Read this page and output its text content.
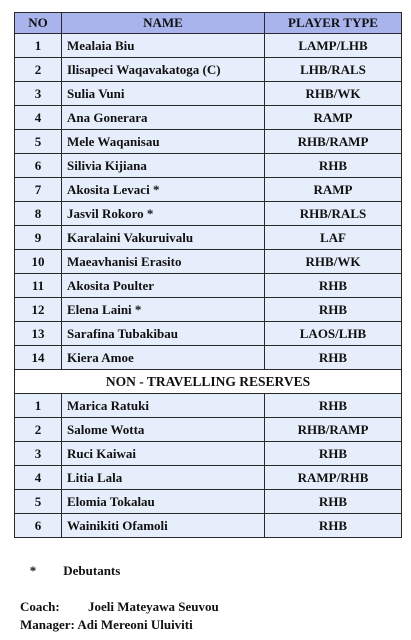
NO	NAME	PLAYER TYPE
1	Mealaia Biu	LAMP/LHB
2	Ilisapeci Waqavakatoga (C)	LHB/RALS
3	Sulia Vuni	RHB/WK
4	Ana Gonerara	RAMP
5	Mele Waqanisau	RHB/RAMP
6	Silivia Kijiana	RHB
7	Akosita Levaci *	RAMP
8	Jasvil Rokoro *	RHB/RALS
9	Karalaini Vakuruivalu	LAF
10	Maeavhanisi Erasito	RHB/WK
11	Akosita Poulter	RHB
12	Elena Laini *	RHB
13	Sarafina Tubakibau	LAOS/LHB
14	Kiera Amoe	RHB
NON - TRAVELLING RESERVES		
1	Marica Ratuki	RHB
2	Salome Wotta	RHB/RAMP
3	Ruci Kaiwai	RHB
4	Litia Lala	RAMP/RHB
5	Elomia Tokalau	RHB
6	Wainikiti Ofamoli	RHB
* Debutants
Coach: Joeli Mateyawa Seuvou
Manager: Adi Mereoni Uluiviti
